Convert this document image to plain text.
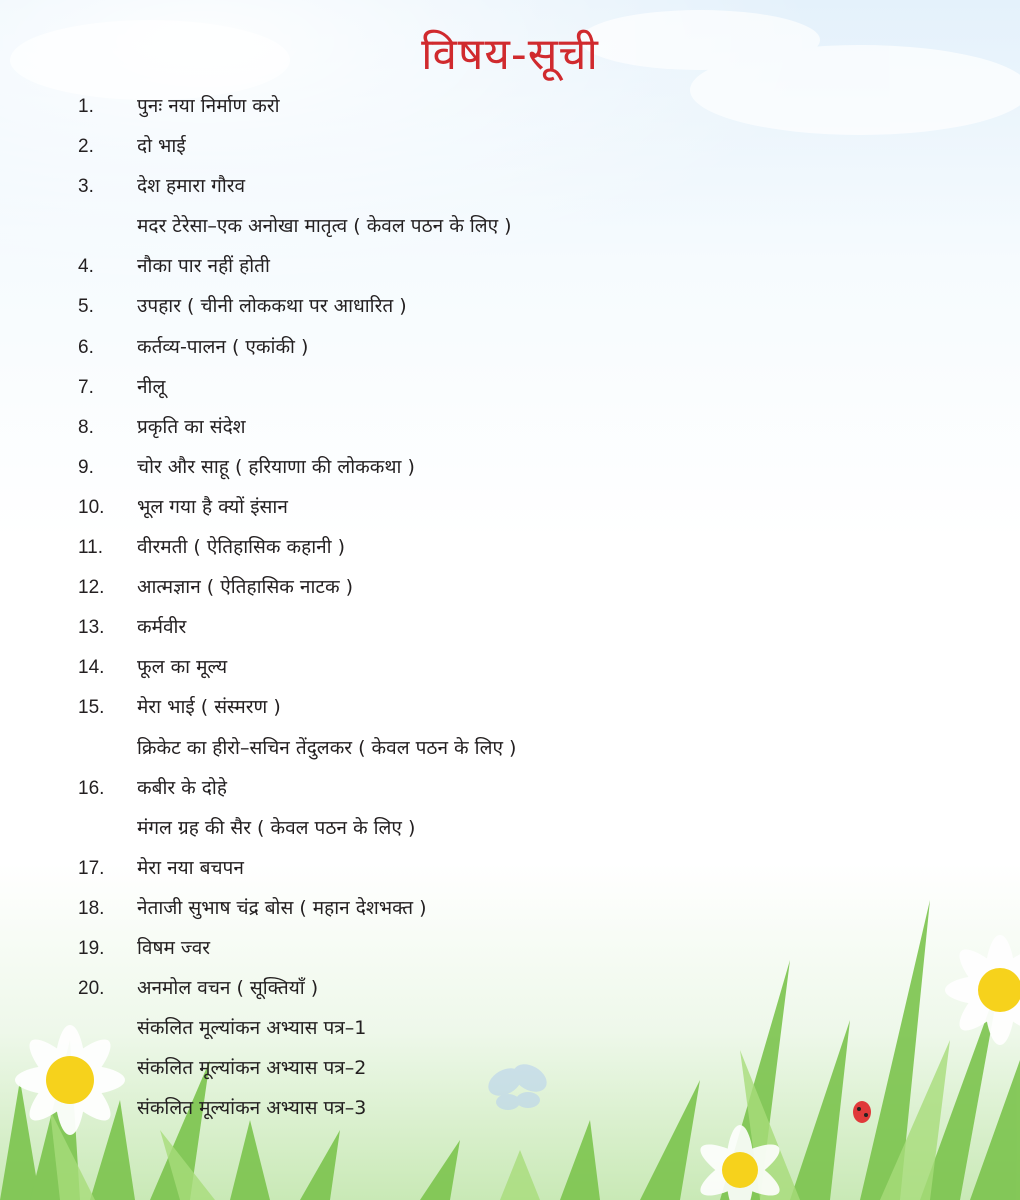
विषय-सूची
1. पुनः नया निर्माण करो
2. दो भाई
3. देश हमारा गौरव
मदर टेरेसा–एक अनोखा मातृत्व ( केवल पठन के लिए )
4. नौका पार नहीं होती
5. उपहार ( चीनी लोककथा पर आधारित )
6. कर्तव्य-पालन ( एकांकी )
7. नीलू
8. प्रकृति का संदेश
9. चोर और साहू ( हरियाणा की लोककथा )
10. भूल गया है क्यों इंसान
11. वीरमती ( ऐतिहासिक कहानी )
12. आत्मज्ञान ( ऐतिहासिक नाटक )
13. कर्मवीर
14. फूल का मूल्य
15. मेरा भाई ( संस्मरण )
क्रिकेट का हीरो–सचिन तेंदुलकर ( केवल पठन के लिए )
16. कबीर के दोहे
मंगल ग्रह की सैर ( केवल पठन के लिए )
17. मेरा नया बचपन
18. नेताजी सुभाष चंद्र बोस ( महान देशभक्त )
19. विषम ज्वर
20. अनमोल वचन ( सूक्तियाँ )
संकलित मूल्यांकन अभ्यास पत्र–1
संकलित मूल्यांकन अभ्यास पत्र–2
संकलित मूल्यांकन अभ्यास पत्र–3
